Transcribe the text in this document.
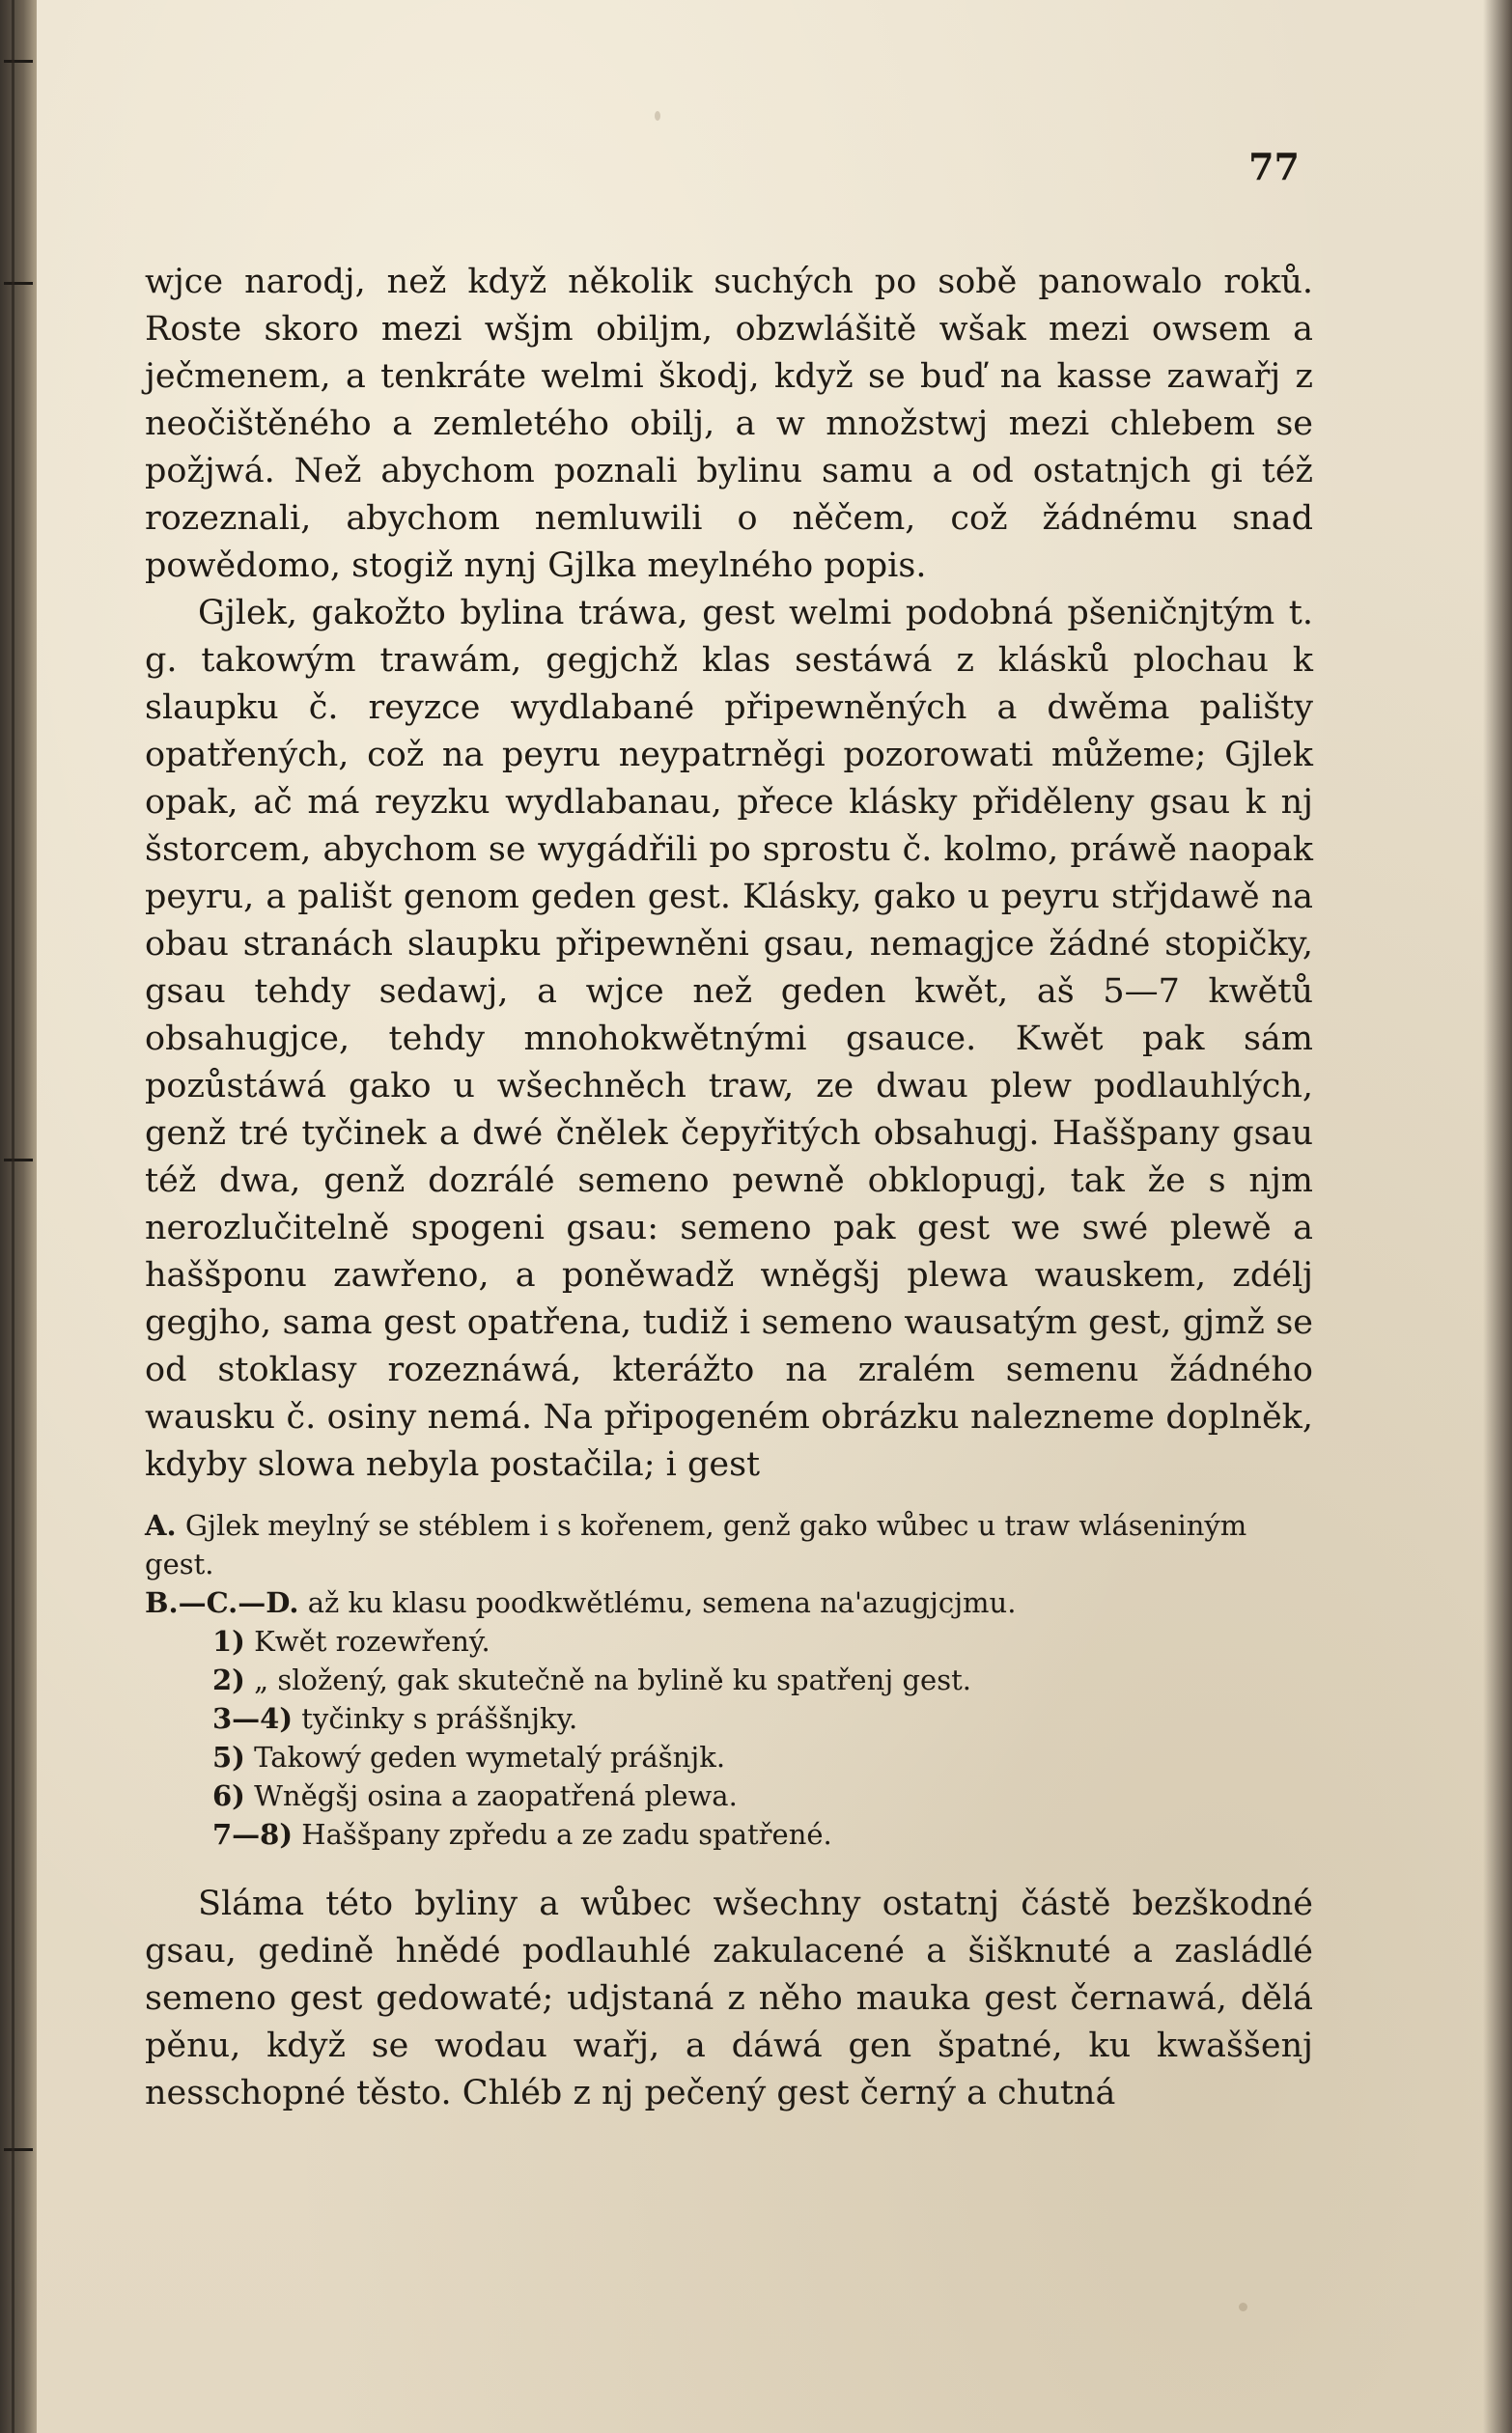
77

wjce narodj, než když několik suchých po sobě panowalo roků. Roste skoro mezi wšjm obiljm, obzwlášitě wšak mezi owsem a ječmenem, a tenkráte welmi škodj, když se buď na kasse zawařj z neočištěného a zemletého obilj, a w množstwj mezi chlebem se požjwá. Než abychom poznali bylinu samu a od ostatnjch gi též rozeznali, abychom nemluwili o něčem, což žádnému snad powědomo, stogiž nynj Gjlka meylného popis.

Gjlek, gakožto bylina tráwa, gest welmi podobná pšeničnjtým t. g. takowým trawám, gegjchž klas sestáwá z klásků plochau k slaupku č. reyzce wydlabané připewněných a dwěma pališty opatřených, což na peyru neypatrněgi pozorowati můžeme; Gjlek opak, ač má reyzku wydlabanau, přece klásky přiděleny gsau k nj šstorcem, abychom se wygádřili po sprostu č. kolmo, práwě naopak peyru, a pališt genom geden gest. Klásky, gako u peyru střjdawě na obau stranách slaupku připewněni gsau, nemagjce žádné stopičky, gsau tehdy sedawj, a wjce než geden kwět, aš 5—7 kwětů obsahugjce, tehdy mnohokwětnými gsauce. Kwět pak sám pozůstáwá gako u wšechněch traw, ze dwau plew podlauhlých, genž tré tyčinek a dwé čnělek čepyřitých obsahugj. Haššpany gsau též dwa, genž dozrálé semeno pewně obklopugj, tak že s njm nerozlučitelně spogeni gsau: semeno pak gest we swé plewě a haššponu zawřeno, a poněwadž wněgšj plewa wauskem, zdélj gegjho, sama gest opatřena, tudiž i semeno wausatým gest, gjmž se od stoklasy rozeznáwá, kterážto na zralém semenu žádného wausku č. osiny nemá. Na připogeném obrázku nalezneme doplněk, kdyby slowa nebyla postačila; i gest

A. Gjlek meylný se stéblem i s kořenem, genž gako wůbec u traw wláseniným gest.
B.—C.—D. až ku klasu poodkwětlému, semena na'azugjcjmu.
1) Kwět rozewřený.
2) „ složený, gak skutečně na bylině ku spatřenj gest.
3—4) tyčinky s práššnjky.
5) Takowý geden wymetalý prášnjk.
6) Wněgšj osina a zaopatřená plewa.
7—8) Haššpany zpředu a ze zadu spatřené.

Sláma této byliny a wůbec wšechny ostatnj částě bezškodné gsau, gedině hnědé podlauhlé zakulacené a šišknuté a zasládlé semeno gest gedowaté; udjstaná z něho mauka gest černawá, dělá pěnu, když se wodau wařj, a dáwá gen špatné, ku kwaššenj nesschopné těsto. Chléb z nj pečený gest černý a chutná
